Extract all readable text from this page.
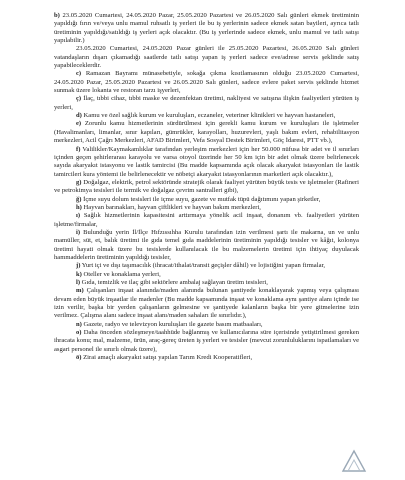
b) 23.05.2020 Cumartesi, 24.05.2020 Pazar, 25.05.2020 Pazartesi ve 26.05.2020 Salı günleri ekmek üretiminin yapıldığı fırın ve/veya unlu mamul ruhsatlı iş yerleri ile bu iş yerlerinin sadece ekmek satan bayileri, ayrıca tatlı üretiminin yapıldığı/satıldığı iş yerleri açık olacaktır. (Bu iş yerlerinde sadece ekmek, unlu mamul ve tatlı satışı yapılabilir.)

23.05.2020 Cumartesi, 24.05.2020 Pazar günleri ile 25.05.2020 Pazartesi, 26.05.2020 Salı günleri vatandaşların dışarı çıkamadığı saatlerde tatlı satışı yapan iş yerleri sadece eve/adrese servis şeklinde satış yapabileceklerdir.

c) Ramazan Bayramı münasebetiyle, sokağa çıkma kısıtlamasının olduğu 23.05.2020 Cumartesi, 24.05.2020 Pazar, 25.05.2020 Pazartesi ve 26.05.2020 Salı günleri, sadece evlere paket servis şeklinde hizmet sunmak üzere lokanta ve restoran tarzı işyerleri,

ç) İlaç, tıbbi cihaz, tıbbi maske ve dezenfektan üretimi, nakliyesi ve satışına ilişkin faaliyetleri yürüten iş yerleri,

d) Kamu ve özel sağlık kurum ve kuruluşları, eczaneler, veteriner klinikleri ve hayvan hastaneleri,

e) Zorunlu kamu hizmetlerinin sürdürülmesi için gerekli kamu kurum ve kuruluşları ile işletmeler (Havalimanları, limanlar, sınır kapıları, gümrükler, karayolları, huzurevleri, yaşlı bakım evleri, rehabilitasyon merkezleri, Acil Çağrı Merkezleri, AFAD Birimleri, Vefa Sosyal Destek Birimleri, Göç İdaresi, PTT vb.),

f) Valilikler/Kaymakamlıklar tarafından yerleşim merkezleri için her 50.000 nüfusa bir adet ve il sınırları içinden geçen şehirlerarası karayolu ve varsa otoyol üzerinde her 50 km için bir adet olmak üzere belirlenecek sayıda akaryakıt istasyonu ve lastik tamircisi (Bu madde kapsamında açık olacak akaryakıt istasyonları ile lastik tamircileri kura yöntemi ile belirlenecektir ve nöbetçi akaryakıt istasyonlarının marketleri açık olacaktır.),

g) Doğalgaz, elektrik, petrol sektöründe stratejik olarak faaliyet yürüten büyük tesis ve işletmeler (Rafineri ve petrokimya tesisleri ile termik ve doğalgaz çevrim santralleri gibi),

ğ) İçme suyu dolum tesisleri ile içme suyu, gazete ve mutfak tüpü dağıtımını yapan şirketler,

h) Hayvan barınakları, hayvan çiftlikleri ve hayvan bakım merkezleri,

ı) Sağlık hizmetlerinin kapasitesini arttırmaya yönelik acil inşaat, donanım vb. faaliyetleri yürüten işletme/firmalar,

i) Bulunduğu yerin İl/İlçe Hıfzıssıhha Kurulu tarafından izin verilmesi şartı ile makarna, un ve unlu mamüller, süt, et, balık üretimi ile gıda temel gıda maddelerinin üretiminin yapıldığı tesisler ve kâğıt, kolonya üretimi hayati olmak üzere bu tesislerde kullanılacak ile bu malzemelerin üretimi için ihtiyaç duyulacak hammaddelerin üretiminin yapıldığı tesisler,

j) Yurt içi ve dışı taşımacılık (ihracat/ithalat/transit geçişler dâhil) ve lojistiğini yapan firmalar,

k) Oteller ve konaklama yerleri,

l) Gıda, temizlik ve ilaç gibi sektörlere ambalaj sağlayan üretim tesisleri,

m) Çalışanları inşaat alanında/maden alanında bulunan şantiyede konaklayarak yapmış veya çalışması devam eden büyük inşaatlar ile madenler (Bu madde kapsamında inşaat ve konaklama aynı şantiye alanı içinde ise izin verilir, başka bir yerden çalışanların gelmesine ve şantiyede kalanların başka bir yere gitmelerine izin verilmez. Çalışma alanı sadece inşaat alanı/maden sahaları ile sınırlıdır.),

n) Gazete, radyo ve televizyon kuruluşları ile gazete basım matbaaları,

o) Daha önceden sözleşmeye/taahhüde bağlanmış ve kullanıcılarına süre içerisinde yetiştirilmesi gereken ihracata konu; mal, malzeme, ürün, araç-gereç üreten iş yerleri ve tesisler (mevcut zorunluluklarını ispatlamaları ve asgari personel ile sınırlı olmak üzere),

ö) Zirai amaçlı akaryakıt satışı yapılan Tarım Kredi Kooperatifleri,
